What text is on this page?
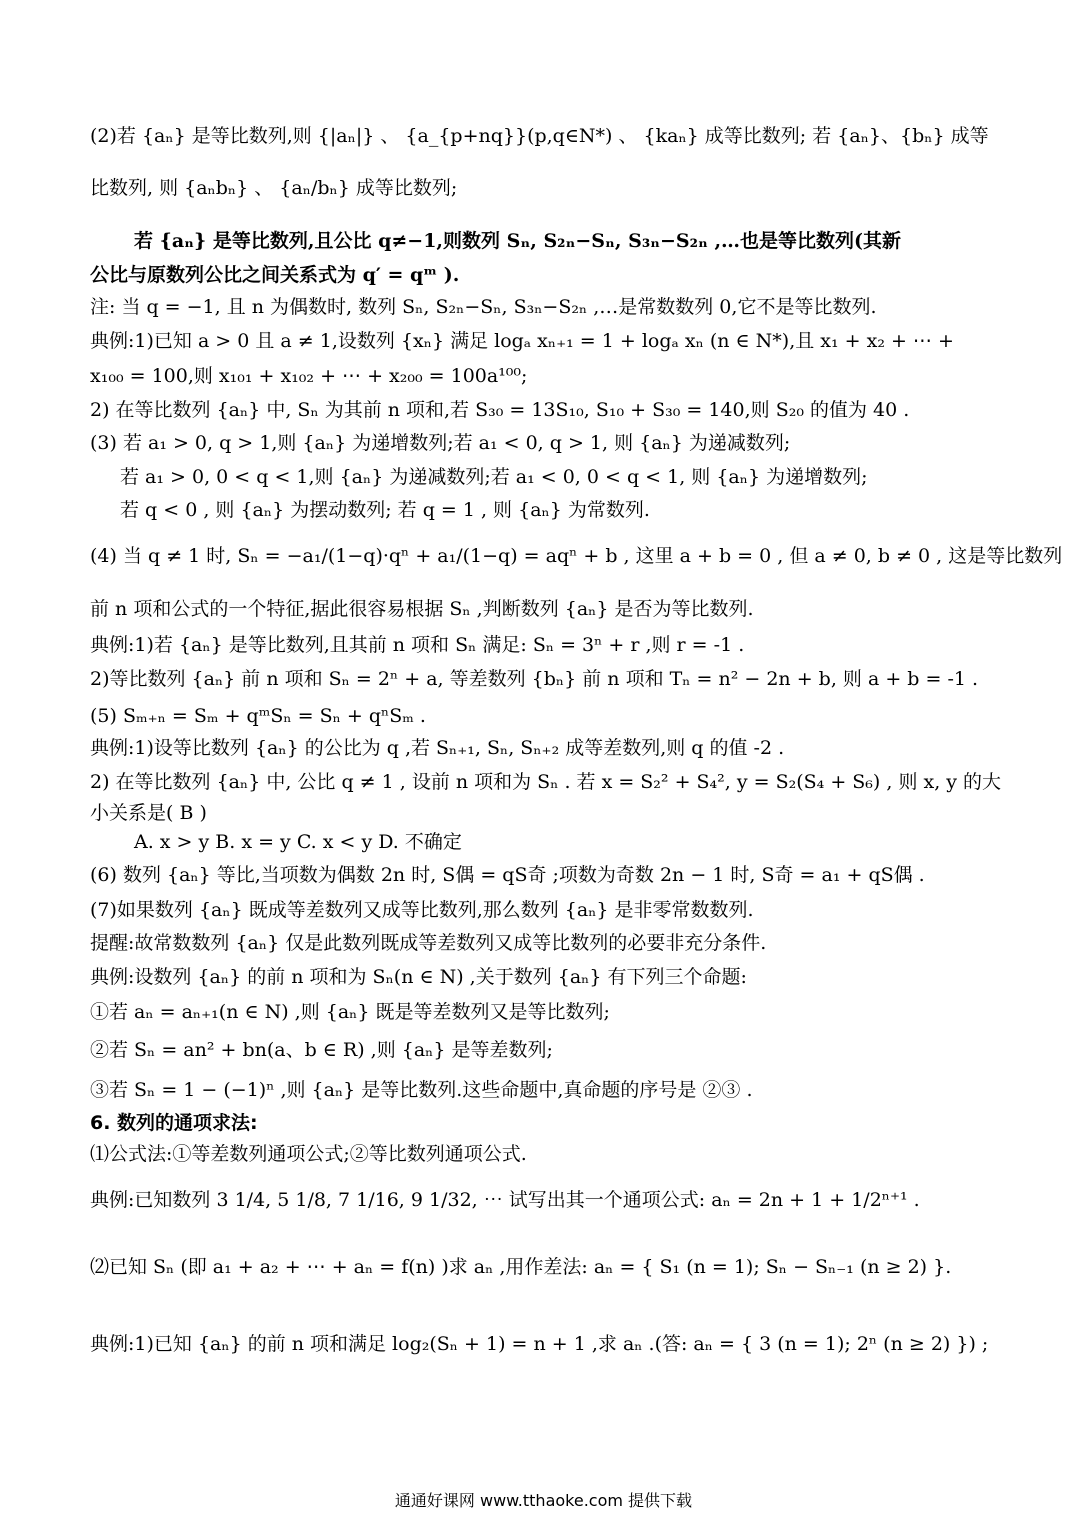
(2)若 {aₙ} 是等比数列,则 {|aₙ|} 、 {a_{p+nq}}(p,q∈N*) 、 {kaₙ} 成等比数列; 若 {aₙ}、{bₙ} 成等
比数列, 则 {aₙbₙ} 、 {aₙ/bₙ} 成等比数列;
若 {aₙ} 是等比数列,且公比 q≠−1,则数列 Sₙ, S₂ₙ−Sₙ, S₃ₙ−S₂ₙ ,…也是等比数列(其新
公比与原数列公比之间关系式为 q′ = qᵐ ).
注: 当 q = −1, 且 n 为偶数时, 数列 Sₙ, S₂ₙ−Sₙ, S₃ₙ−S₂ₙ ,…是常数数列 0,它不是等比数列.
典例:1)已知 a > 0 且 a ≠ 1,设数列 {xₙ} 满足 logₐ xₙ₊₁ = 1 + logₐ xₙ (n ∈ N*),且 x₁ + x₂ + ⋯ +
x₁₀₀ = 100,则 x₁₀₁ + x₁₀₂ + ⋯ + x₂₀₀ = 100a¹⁰⁰;
2) 在等比数列 {aₙ} 中, Sₙ 为其前 n 项和,若 S₃₀ = 13S₁₀, S₁₀ + S₃₀ = 140,则 S₂₀ 的值为 40 .
(3) 若 a₁ > 0, q > 1,则 {aₙ} 为递增数列;若 a₁ < 0, q > 1, 则 {aₙ} 为递减数列;
若 a₁ > 0, 0 < q < 1,则 {aₙ} 为递减数列;若 a₁ < 0, 0 < q < 1, 则 {aₙ} 为递增数列;
若 q < 0 , 则 {aₙ} 为摆动数列; 若 q = 1 , 则 {aₙ} 为常数列.
(4) 当 q ≠ 1 时, Sₙ = −a₁/(1−q)·qⁿ + a₁/(1−q) = aqⁿ + b , 这里 a + b = 0 , 但 a ≠ 0, b ≠ 0 , 这是等比数列
前 n 项和公式的一个特征,据此很容易根据 Sₙ ,判断数列 {aₙ} 是否为等比数列.
典例:1)若 {aₙ} 是等比数列,且其前 n 项和 Sₙ 满足: Sₙ = 3ⁿ + r ,则 r = -1 .
2)等比数列 {aₙ} 前 n 项和 Sₙ = 2ⁿ + a, 等差数列 {bₙ} 前 n 项和 Tₙ = n² − 2n + b, 则 a + b = -1 .
(5) Sₘ₊ₙ = Sₘ + qᵐSₙ = Sₙ + qⁿSₘ .
典例:1)设等比数列 {aₙ} 的公比为 q ,若 Sₙ₊₁, Sₙ, Sₙ₊₂ 成等差数列,则 q 的值 -2 .
2) 在等比数列 {aₙ} 中, 公比 q ≠ 1 , 设前 n 项和为 Sₙ . 若 x = S₂² + S₄², y = S₂(S₄ + S₆) , 则 x, y 的大
小关系是( B )
A. x > y B. x = y C. x < y D. 不确定
(6) 数列 {aₙ} 等比,当项数为偶数 2n 时, S偶 = qS奇 ;项数为奇数 2n − 1 时, S奇 = a₁ + qS偶 .
(7)如果数列 {aₙ} 既成等差数列又成等比数列,那么数列 {aₙ} 是非零常数数列.
提醒:故常数数列 {aₙ} 仅是此数列既成等差数列又成等比数列的必要非充分条件.
典例:设数列 {aₙ} 的前 n 项和为 Sₙ(n ∈ N) ,关于数列 {aₙ} 有下列三个命题:
①若 aₙ = aₙ₊₁(n ∈ N) ,则 {aₙ} 既是等差数列又是等比数列;
②若 Sₙ = an² + bn(a、b ∈ R) ,则 {aₙ} 是等差数列;
③若 Sₙ = 1 − (−1)ⁿ ,则 {aₙ} 是等比数列.这些命题中,真命题的序号是 ②③ .
6. 数列的通项求法:
⑴公式法:①等差数列通项公式;②等比数列通项公式.
典例:已知数列 3 1/4, 5 1/8, 7 1/16, 9 1/32, ⋯ 试写出其一个通项公式: aₙ = 2n + 1 + 1/2ⁿ⁺¹ .
⑵已知 Sₙ (即 a₁ + a₂ + ⋯ + aₙ = f(n) )求 aₙ ,用作差法: aₙ = { S₁ (n = 1); Sₙ − Sₙ₋₁ (n ≥ 2) }.
典例:1)已知 {aₙ} 的前 n 项和满足 log₂(Sₙ + 1) = n + 1 ,求 aₙ .(答: aₙ = { 3 (n = 1); 2ⁿ (n ≥ 2) }) ;
通通好课网 www.tthaoke.com 提供下载
